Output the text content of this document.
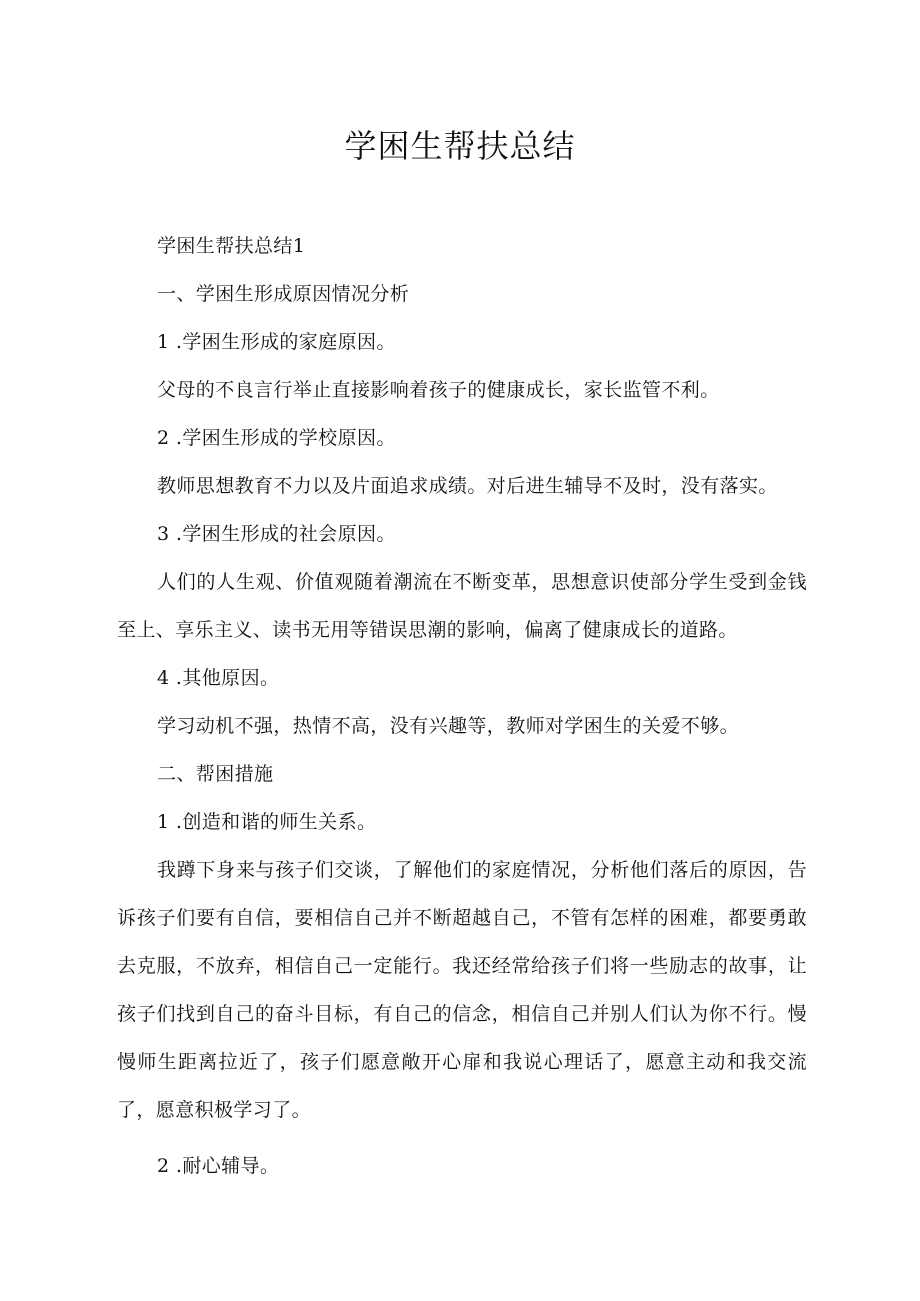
学困生帮扶总结

学困生帮扶总结1

一、学困生形成原因情况分析

1 .学困生形成的家庭原因。

父母的不良言行举止直接影响着孩子的健康成长，家长监管不利。

2 .学困生形成的学校原因。

教师思想教育不力以及片面追求成绩。对后进生辅导不及时，没有落实。

3 .学困生形成的社会原因。

人们的人生观、价值观随着潮流在不断变革，思想意识使部分学生受到金钱至上、享乐主义、读书无用等错误思潮的影响，偏离了健康成长的道路。

4 .其他原因。

学习动机不强，热情不高，没有兴趣等，教师对学困生的关爱不够。

二、帮困措施

1 .创造和谐的师生关系。

我蹲下身来与孩子们交谈，了解他们的家庭情况，分析他们落后的原因，告诉孩子们要有自信，要相信自己并不断超越自己，不管有怎样的困难，都要勇敢去克服，不放弃，相信自己一定能行。我还经常给孩子们将一些励志的故事，让孩子们找到自己的奋斗目标，有自己的信念，相信自己并别人们认为你不行。慢慢师生距离拉近了，孩子们愿意敞开心扉和我说心理话了，愿意主动和我交流了，愿意积极学习了。

2 .耐心辅导。
